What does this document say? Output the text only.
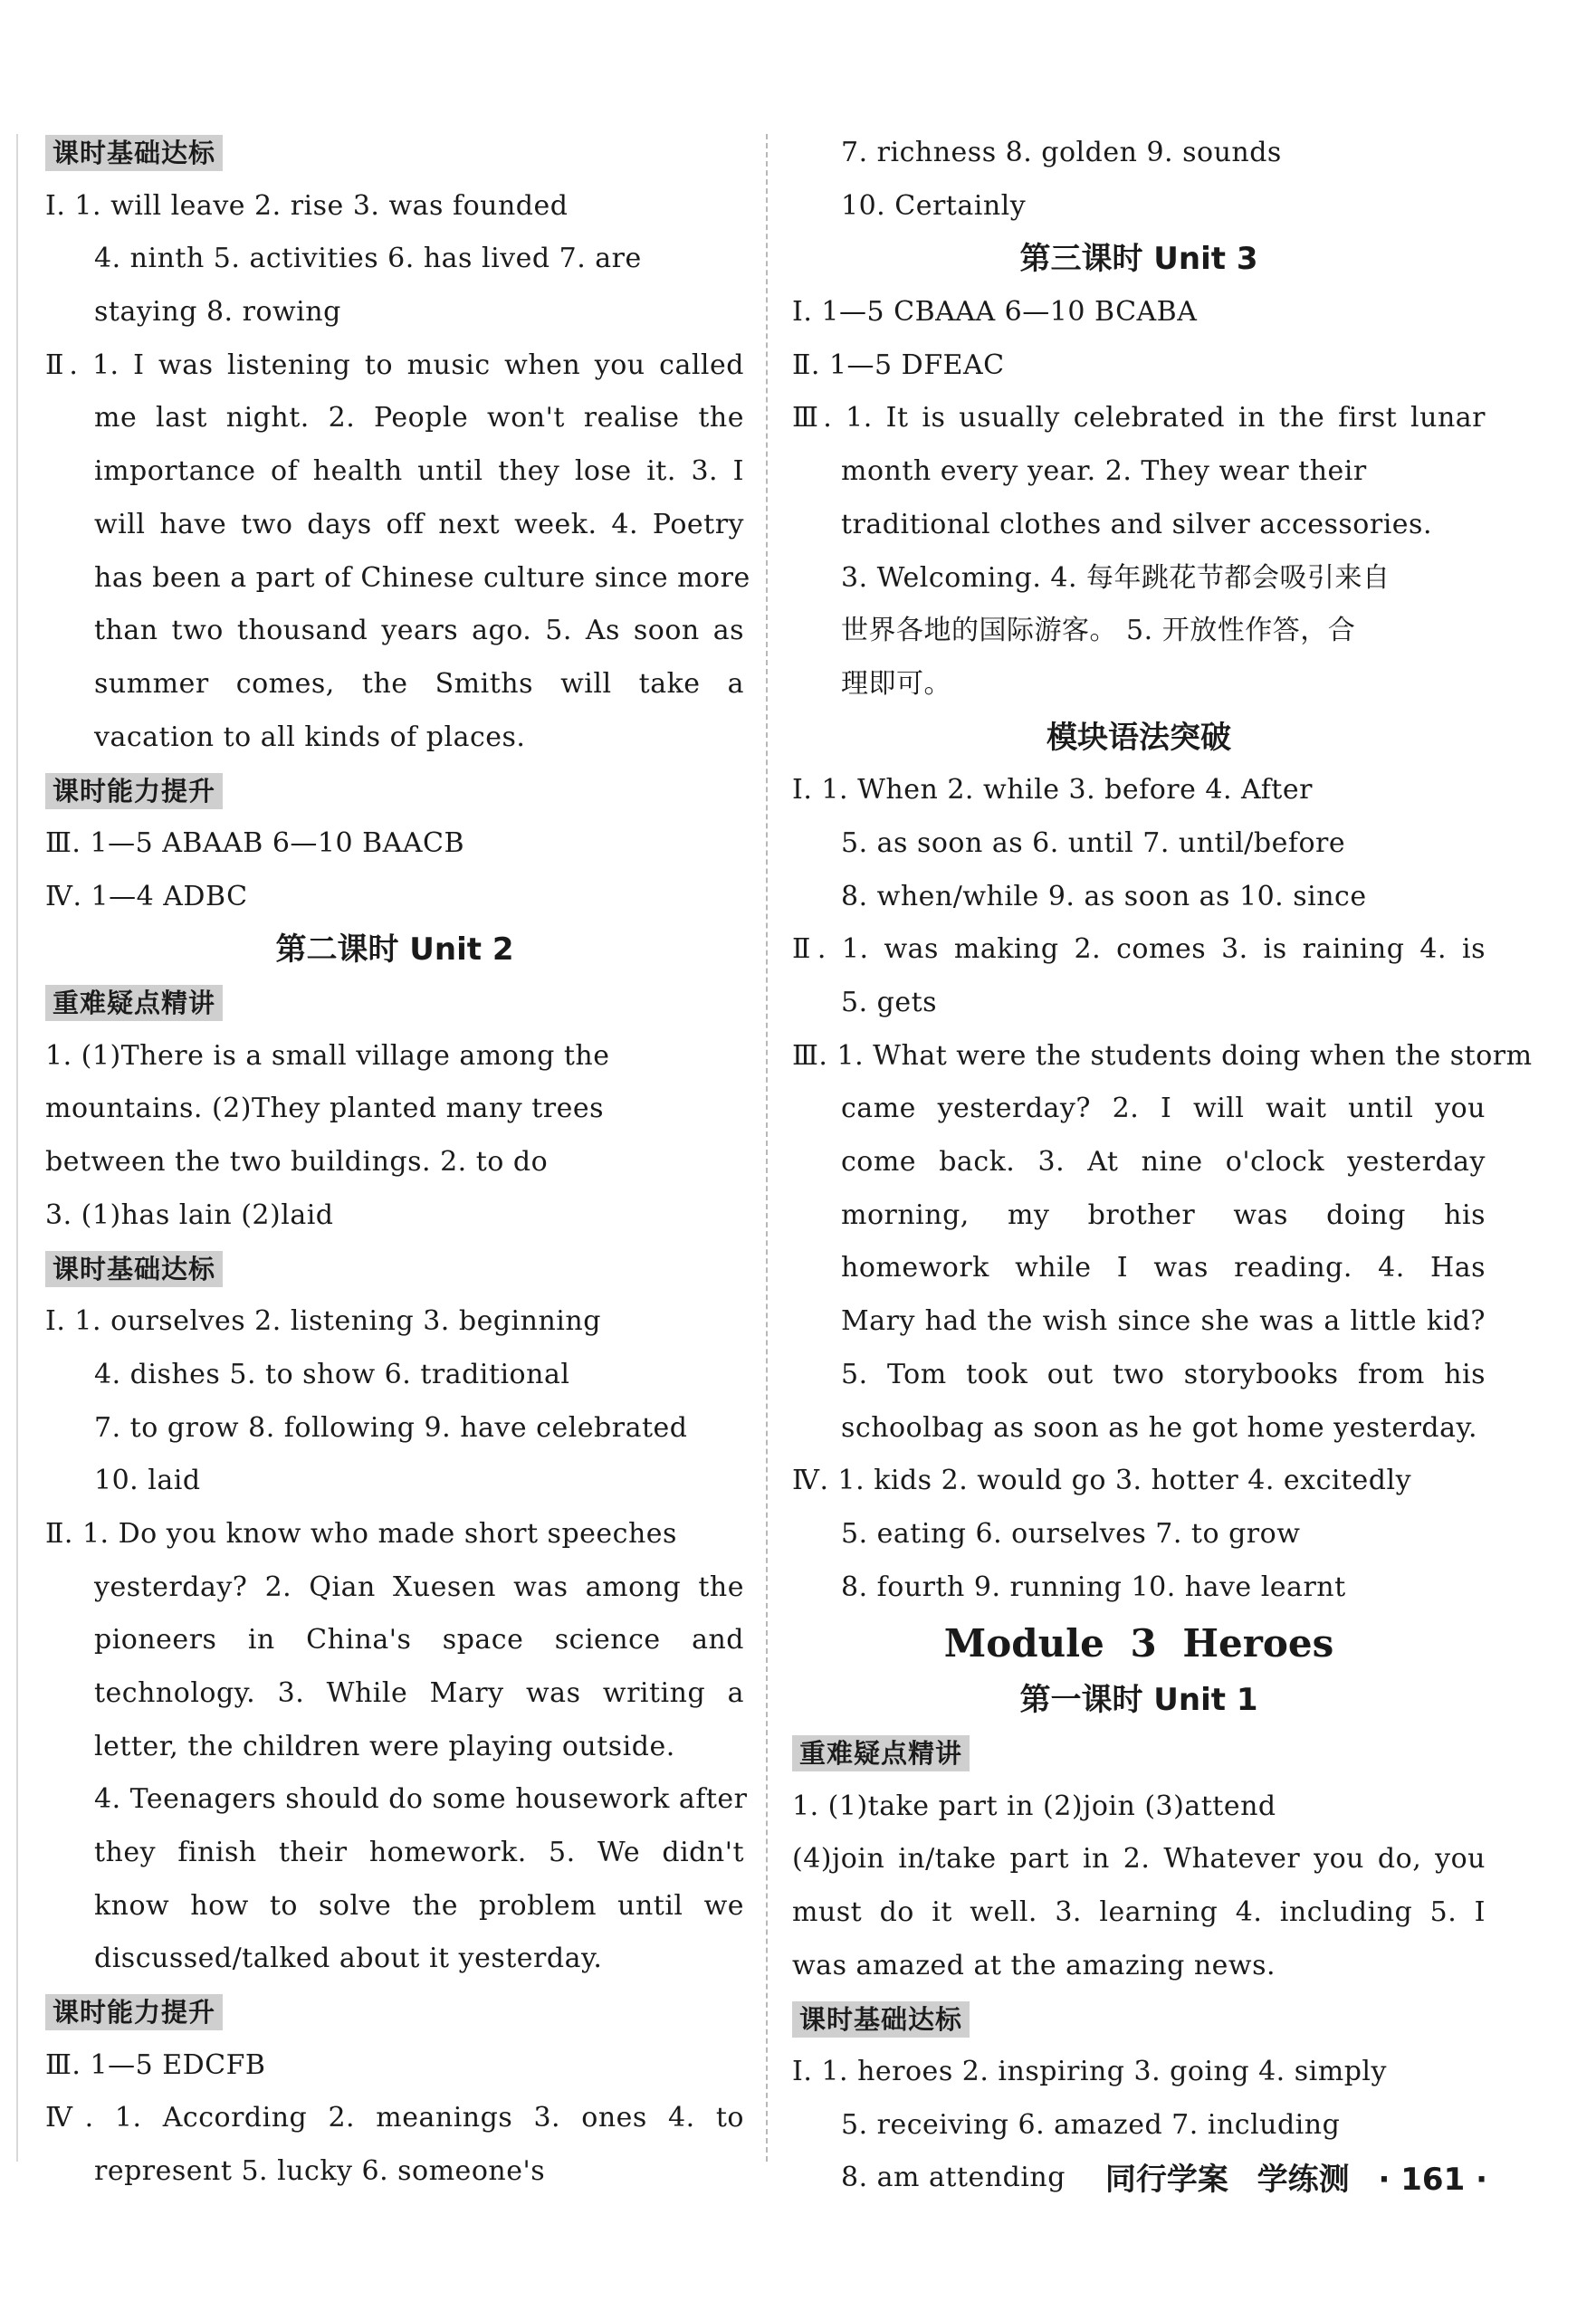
课时基础达标
Ⅰ. 1. will leave 2. rise 3. was founded
4. ninth 5. activities 6. has lived 7. are
staying 8. rowing
Ⅱ. 1. I was listening to music when you called
me last night. 2. People won't realise the
importance of health until they lose it. 3. I
will have two days off next week. 4. Poetry
has been a part of Chinese culture since more
than two thousand years ago. 5. As soon as
summer comes, the Smiths will take a
vacation to all kinds of places.
课时能力提升
Ⅲ. 1—5 ABAAB 6—10 BAACB
Ⅳ. 1—4 ADBC
第二课时 Unit 2
重难疑点精讲
1. (1)There is a small village among the
mountains. (2)They planted many trees
between the two buildings. 2. to do
3. (1)has lain (2)laid
课时基础达标
Ⅰ. 1. ourselves 2. listening 3. beginning
4. dishes 5. to show 6. traditional
7. to grow 8. following 9. have celebrated
10. laid
Ⅱ. 1. Do you know who made short speeches
yesterday? 2. Qian Xuesen was among the
pioneers in China's space science and
technology. 3. While Mary was writing a
letter, the children were playing outside.
4. Teenagers should do some housework after
they finish their homework. 5. We didn't
know how to solve the problem until we
discussed/talked about it yesterday.
课时能力提升
Ⅲ. 1—5 EDCFB
Ⅳ. 1. According 2. meanings 3. ones 4. to
represent 5. lucky 6. someone's
7. richness 8. golden 9. sounds
10. Certainly
第三课时 Unit 3
Ⅰ. 1—5 CBAAA 6—10 BCABA
Ⅱ. 1—5 DFEAC
Ⅲ. 1. It is usually celebrated in the first lunar
month every year. 2. They wear their
traditional clothes and silver accessories.
3. Welcoming. 4. 每年跳花节都会吸引来自
世界各地的国际游客。 5. 开放性作答，合
理即可。
模块语法突破
Ⅰ. 1. When 2. while 3. before 4. After
5. as soon as 6. until 7. until/before
8. when/while 9. as soon as 10. since
Ⅱ. 1. was making 2. comes 3. is raining 4. is
5. gets
Ⅲ. 1. What were the students doing when the storm
came yesterday? 2. I will wait until you
come back. 3. At nine o'clock yesterday
morning, my brother was doing his
homework while I was reading. 4. Has
Mary had the wish since she was a little kid?
5. Tom took out two storybooks from his
schoolbag as soon as he got home yesterday.
Ⅳ. 1. kids 2. would go 3. hotter 4. excitedly
5. eating 6. ourselves 7. to grow
8. fourth 9. running 10. have learnt
Module 3 Heroes
第一课时 Unit 1
重难疑点精讲
1. (1)take part in (2)join (3)attend
(4)join in/take part in 2. Whatever you do, you
must do it well. 3. learning 4. including 5. I
was amazed at the amazing news.
课时基础达标
Ⅰ. 1. heroes 2. inspiring 3. going 4. simply
5. receiving 6. amazed 7. including
8. am attending	同行学案 学练测 · 161 ·
